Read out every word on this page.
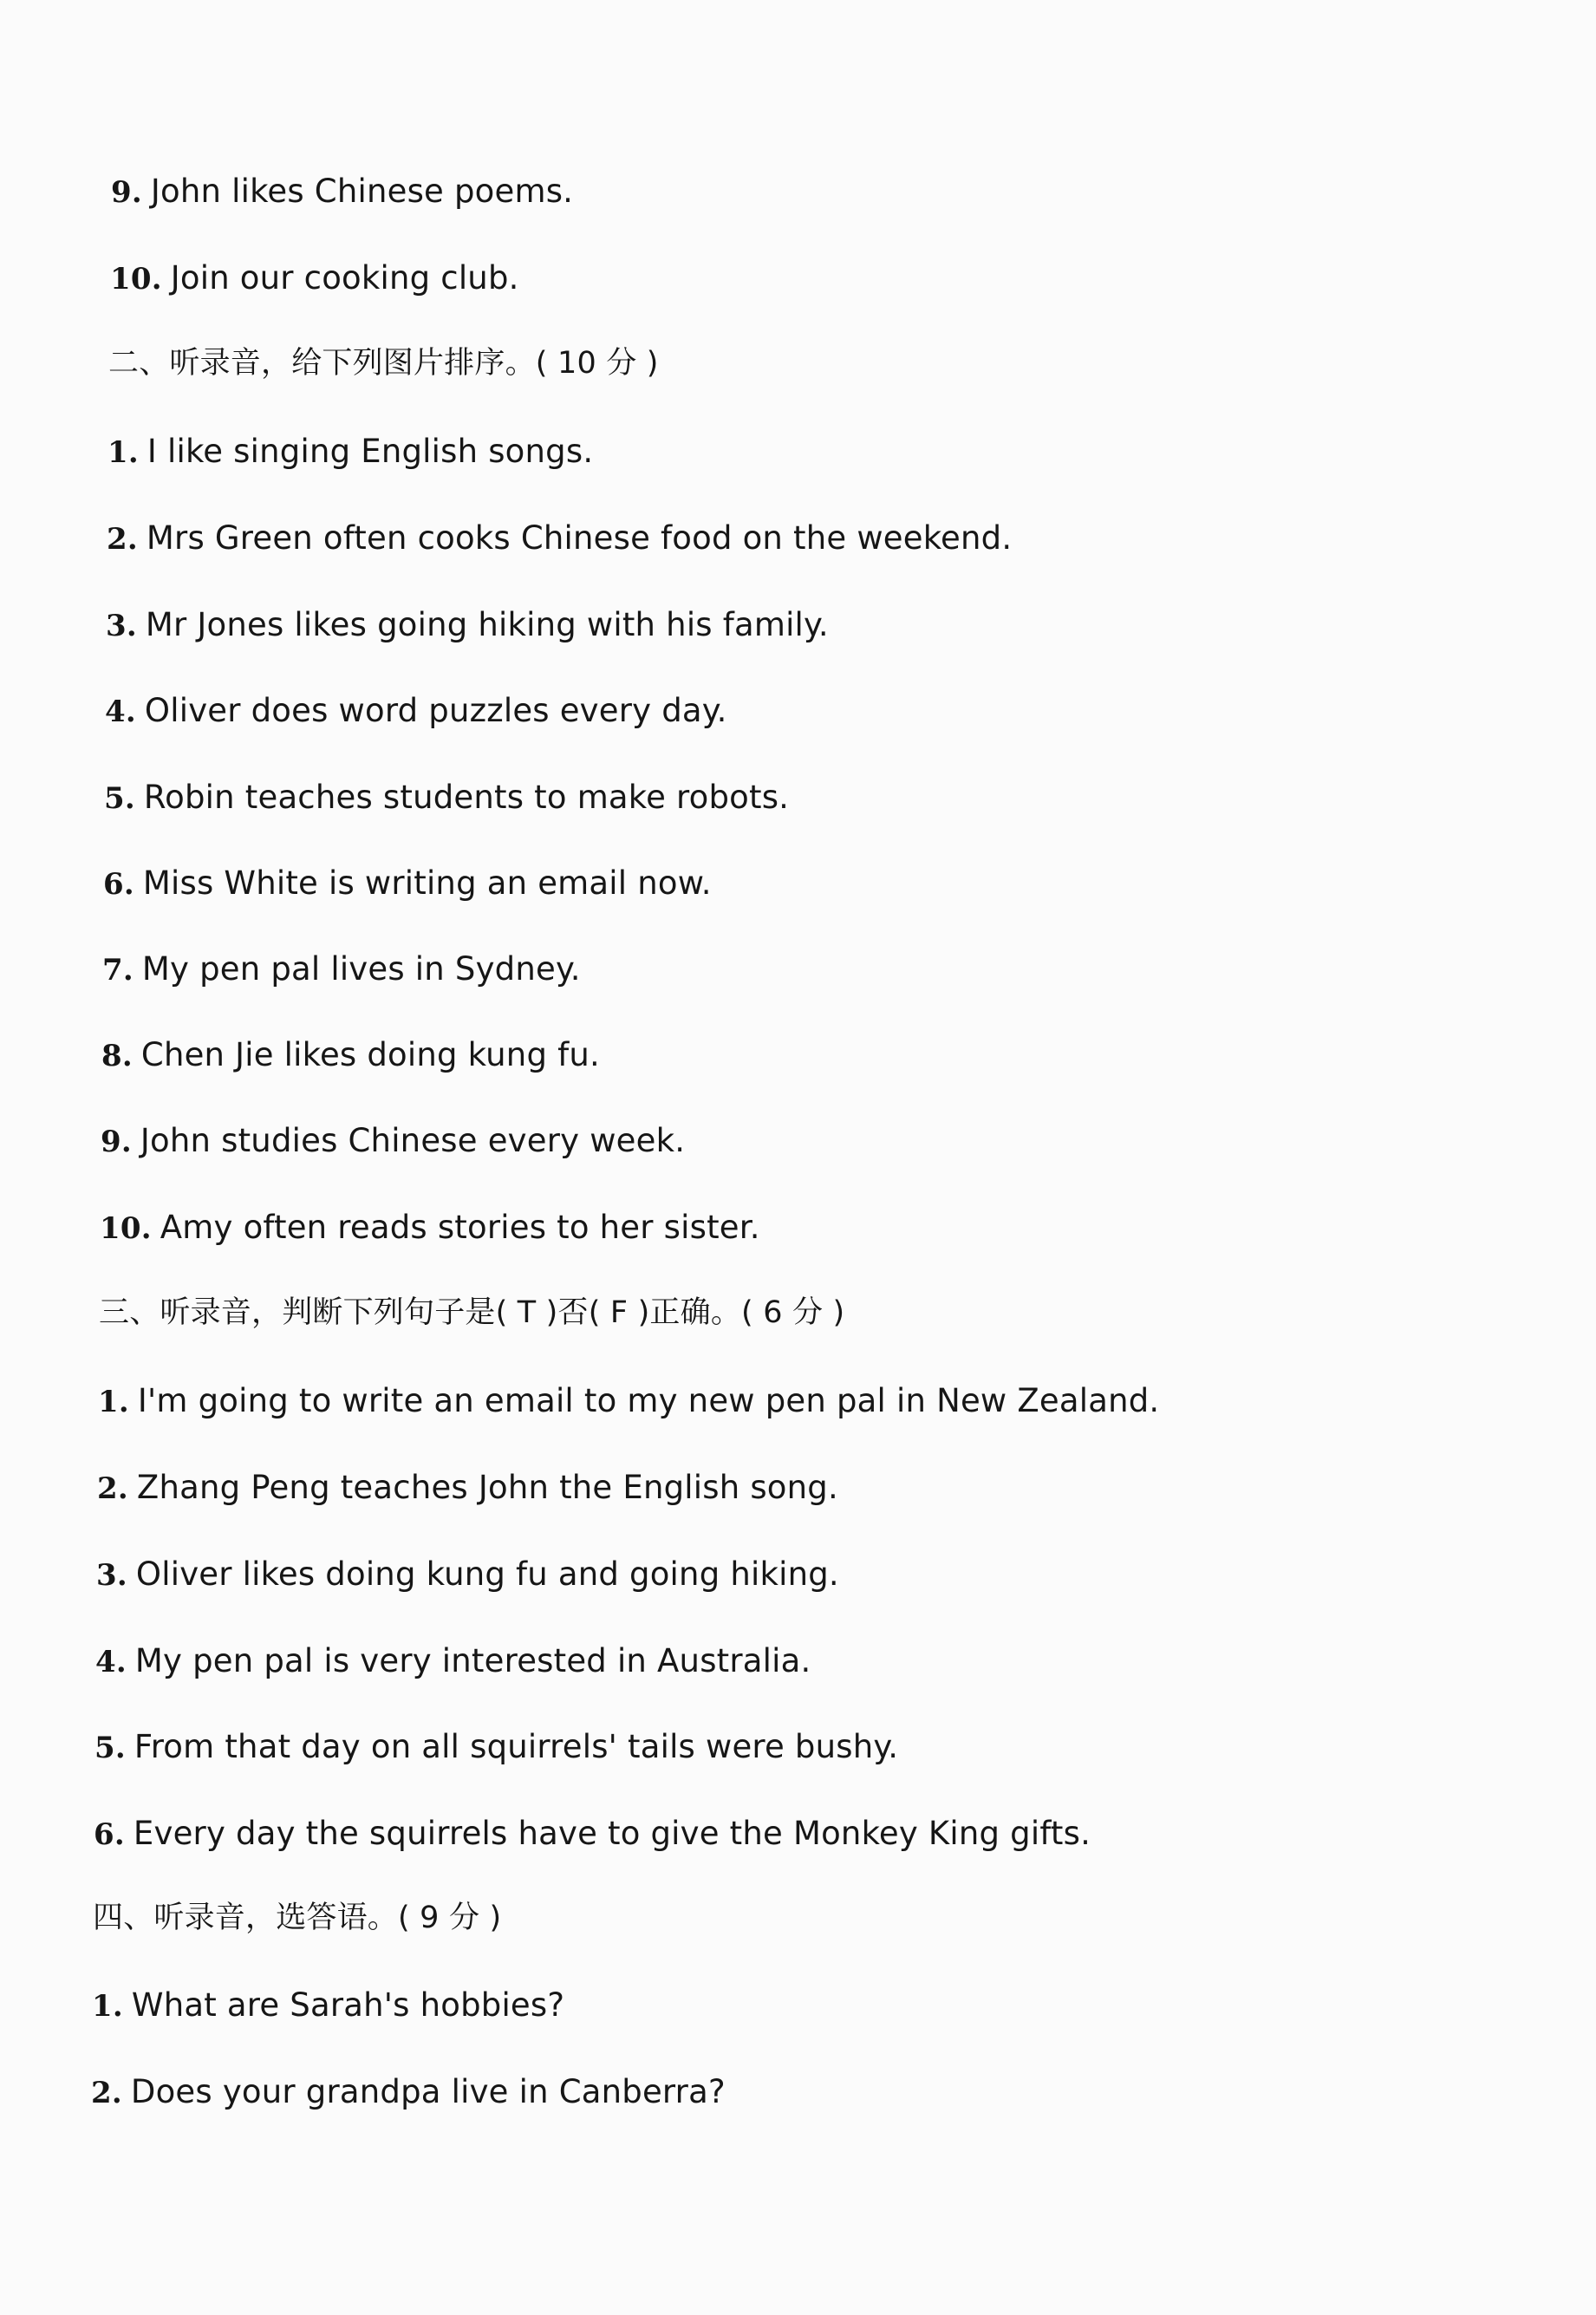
9. John likes Chinese poems.
10. Join our cooking club.
二、听录音，给下列图片排序。( 10 分 )
1. I like singing English songs.
2. Mrs Green often cooks Chinese food on the weekend.
3. Mr Jones likes going hiking with his family.
4. Oliver does word puzzles every day.
5. Robin teaches students to make robots.
6. Miss White is writing an email now.
7. My pen pal lives in Sydney.
8. Chen Jie likes doing kung fu.
9. John studies Chinese every week.
10. Amy often reads stories to her sister.
三、听录音，判断下列句子是( T )否( F )正确。( 6 分 )
1. I'm going to write an email to my new pen pal in New Zealand.
2. Zhang Peng teaches John the English song.
3. Oliver likes doing kung fu and going hiking.
4. My pen pal is very interested in Australia.
5. From that day on all squirrels' tails were bushy.
6. Every day the squirrels have to give the Monkey King gifts.
四、听录音，选答语。( 9 分 )
1. What are Sarah's hobbies?
2. Does your grandpa live in Canberra?
